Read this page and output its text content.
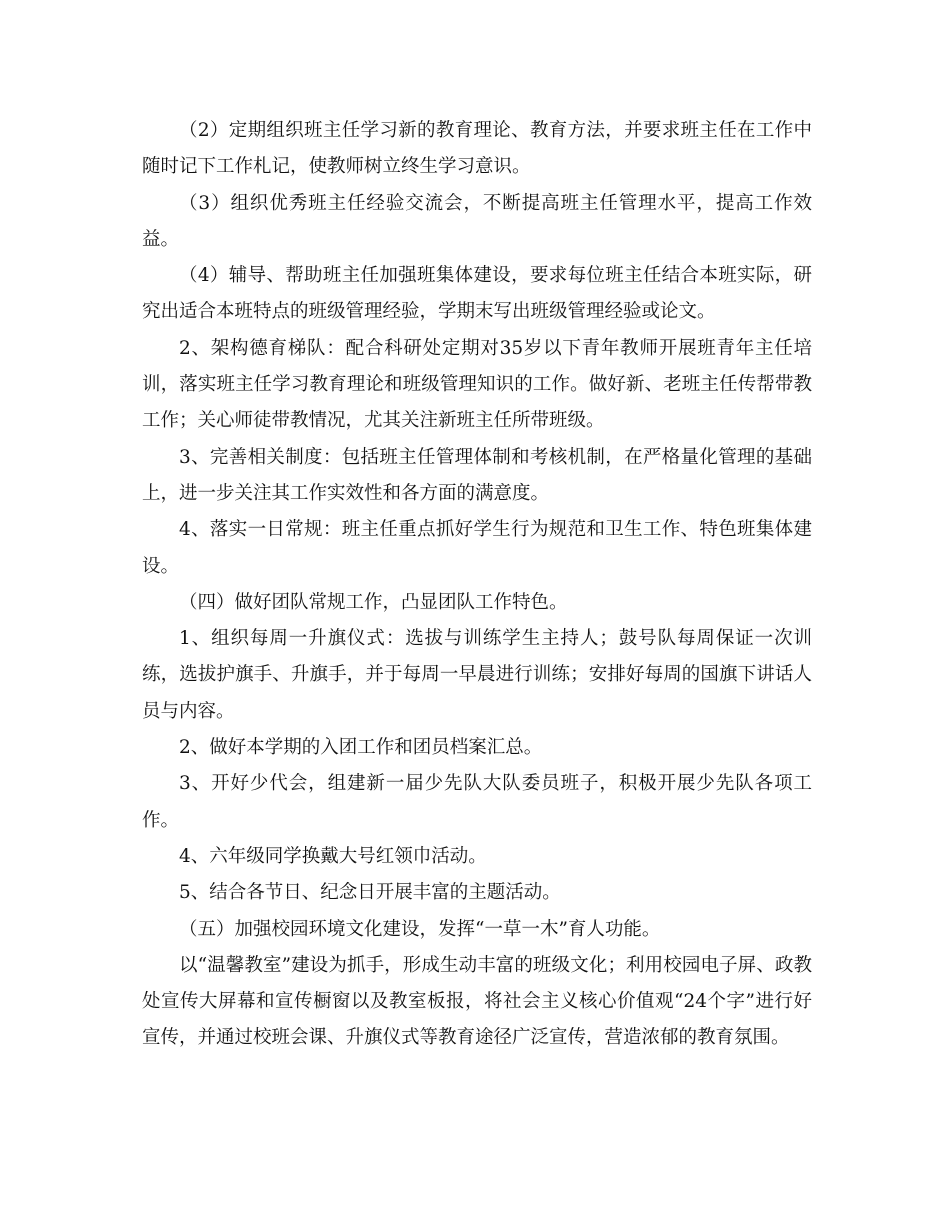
（2）定期组织班主任学习新的教育理论、教育方法，并要求班主任在工作中随时记下工作札记，使教师树立终生学习意识。

（3）组织优秀班主任经验交流会，不断提高班主任管理水平，提高工作效益。

（4）辅导、帮助班主任加强班集体建设，要求每位班主任结合本班实际，研究出适合本班特点的班级管理经验，学期末写出班级管理经验或论文。

2、架构德育梯队：配合科研处定期对35岁以下青年教师开展班青年主任培训，落实班主任学习教育理论和班级管理知识的工作。做好新、老班主任传帮带教工作；关心师徒带教情况，尤其关注新班主任所带班级。

3、完善相关制度：包括班主任管理体制和考核机制，在严格量化管理的基础上，进一步关注其工作实效性和各方面的满意度。

4、落实一日常规：班主任重点抓好学生行为规范和卫生工作、特色班集体建设。

（四）做好团队常规工作，凸显团队工作特色。

1、组织每周一升旗仪式：选拔与训练学生主持人；鼓号队每周保证一次训练，选拔护旗手、升旗手，并于每周一早晨进行训练；安排好每周的国旗下讲话人员与内容。

2、做好本学期的入团工作和团员档案汇总。

3、开好少代会，组建新一届少先队大队委员班子，积极开展少先队各项工作。

4、六年级同学换戴大号红领巾活动。

5、结合各节日、纪念日开展丰富的主题活动。

（五）加强校园环境文化建设，发挥“一草一木”育人功能。

以“温馨教室”建设为抓手，形成生动丰富的班级文化；利用校园电子屏、政教处宣传大屏幕和宣传橱窗以及教室板报，将社会主义核心价值观“24个字”进行好宣传，并通过校班会课、升旗仪式等教育途径广泛宣传，营造浓郁的教育氛围。
